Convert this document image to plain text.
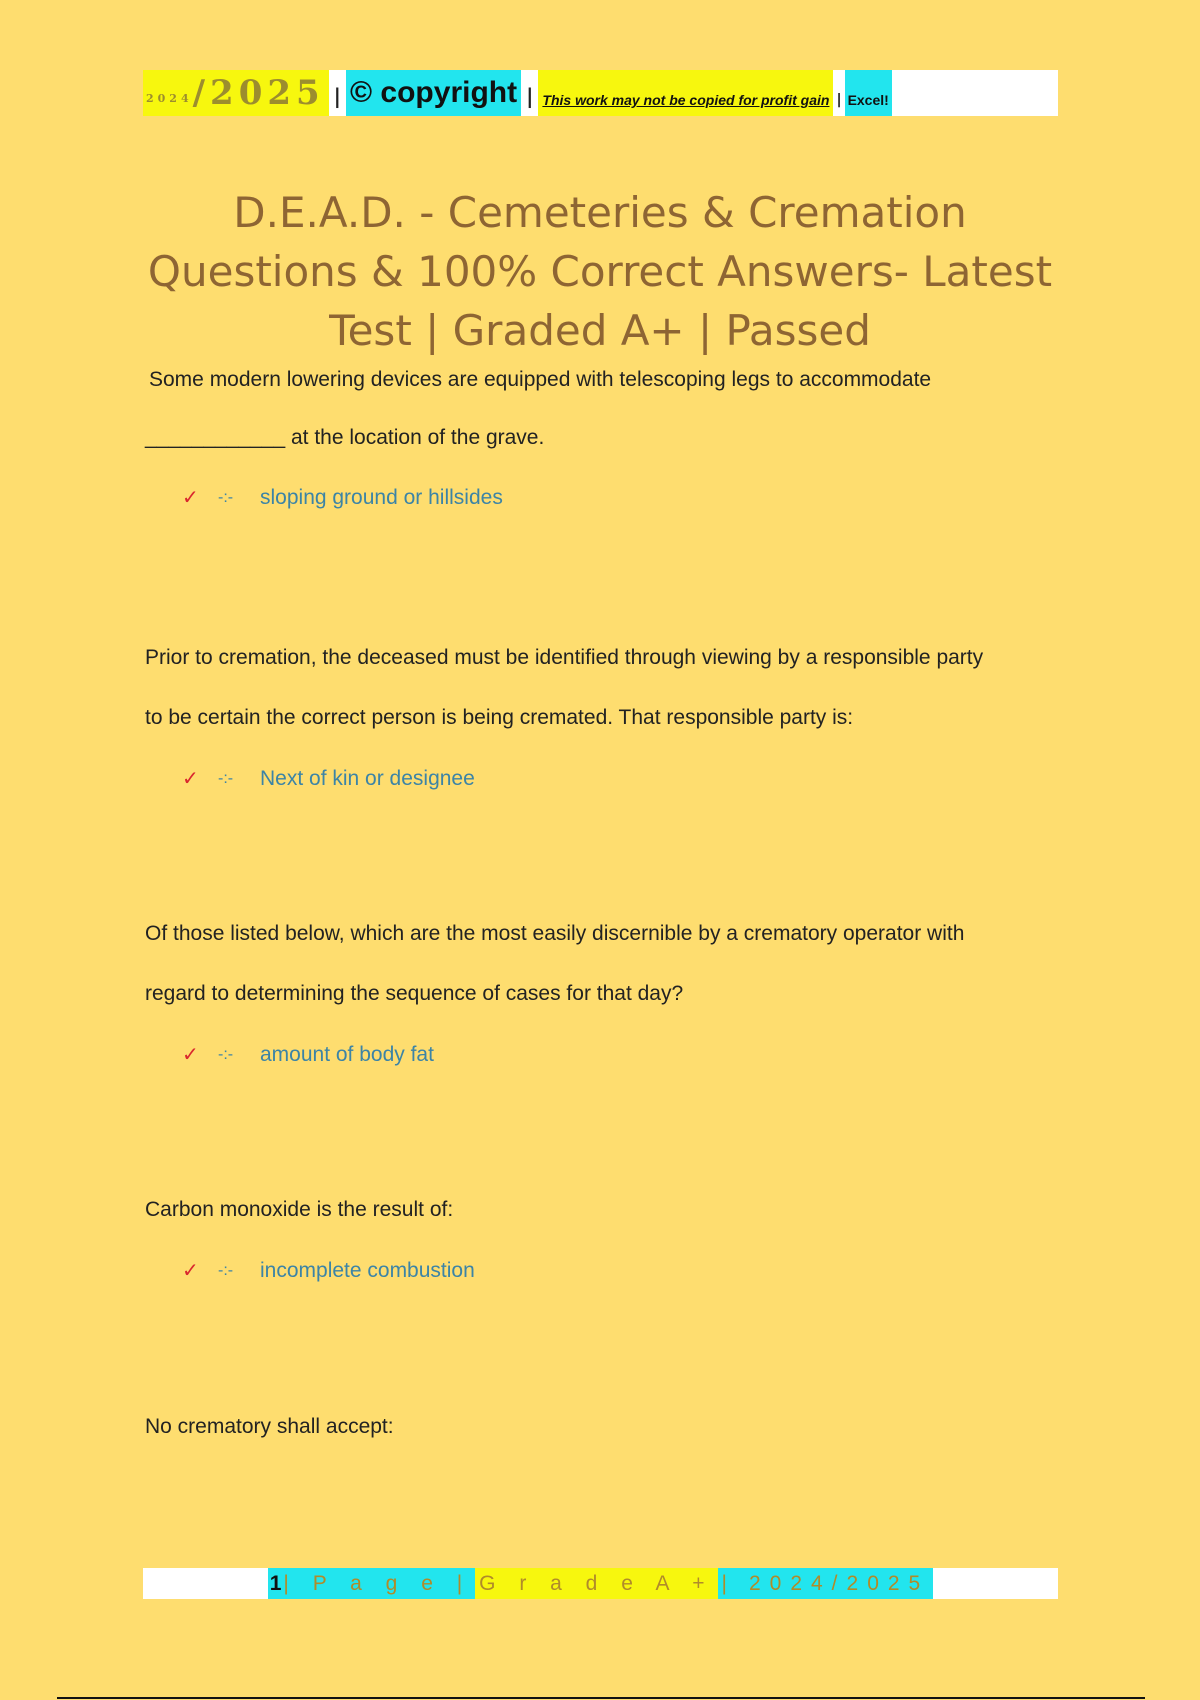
2024 /2025 | © copyright | This work may not be copied for profit gain | Excel!
D.E.A.D. - Cemeteries & Cremation
Questions & 100% Correct Answers- Latest
Test | Graded A+ | Passed

Some modern lowering devices are equipped with telescoping legs to accommodate
____________ at the location of the grave.

✓	-:-	sloping ground or hillsides

Prior to cremation, the deceased must be identified through viewing by a responsible party
to be certain the correct person is being cremated. That responsible party is:

✓	-:-	Next of kin or designee

Of those listed below, which are the most easily discernible by a crematory operator with
regard to determining the sequence of cases for that day?

✓	-:-	amount of body fat

Carbon monoxide is the result of:

✓	-:-	incomplete combustion

No crematory shall accept:

1 | P a g e | G r a d e A + | 2024/2025
